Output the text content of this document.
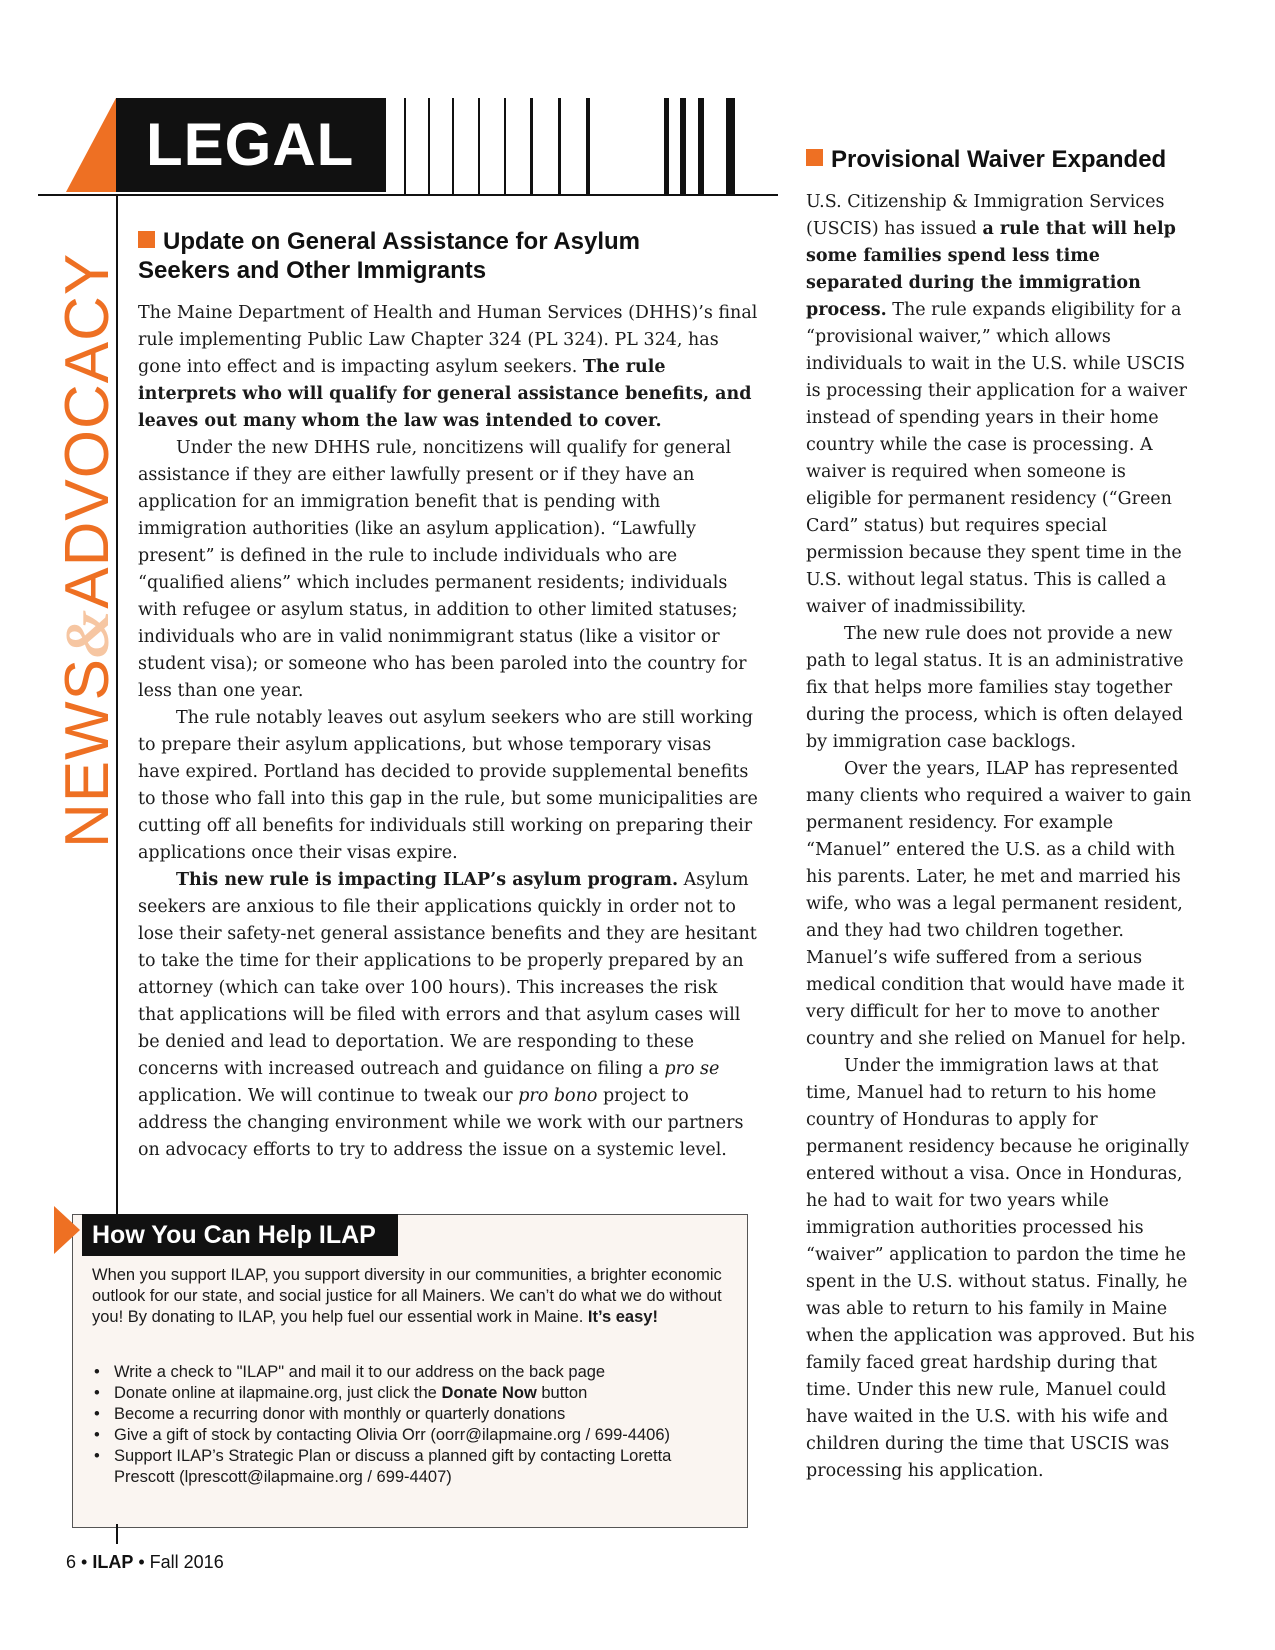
LEGAL
NEWS&ADVOCACY
Update on General Assistance for Asylum Seekers and Other Immigrants

The Maine Department of Health and Human Services (DHHS)’s final rule implementing Public Law Chapter 324 (PL 324). PL 324, has gone into effect and is impacting asylum seekers. The rule interprets who will qualify for general assistance benefits, and leaves out many whom the law was intended to cover.

Under the new DHHS rule, noncitizens will qualify for general assistance if they are either lawfully present or if they have an application for an immigration benefit that is pending with immigration authorities (like an asylum application). “Lawfully present” is defined in the rule to include individuals who are “qualified aliens” which includes permanent residents; individuals with refugee or asylum status, in addition to other limited statuses; individuals who are in valid nonimmigrant status (like a visitor or student visa); or someone who has been paroled into the country for less than one year.

The rule notably leaves out asylum seekers who are still working to prepare their asylum applications, but whose temporary visas have expired. Portland has decided to provide supplemental benefits to those who fall into this gap in the rule, but some municipalities are cutting off all benefits for individuals still working on preparing their applications once their visas expire.

This new rule is impacting ILAP’s asylum program. Asylum seekers are anxious to file their applications quickly in order not to lose their safety-net general assistance benefits and they are hesitant to take the time for their applications to be properly prepared by an attorney (which can take over 100 hours). This increases the risk that applications will be filed with errors and that asylum cases will be denied and lead to deportation. We are responding to these concerns with increased outreach and guidance on filing a pro se application. We will continue to tweak our pro bono project to address the changing environment while we work with our partners on advocacy efforts to try to address the issue on a systemic level.

Provisional Waiver Expanded

U.S. Citizenship & Immigration Services (USCIS) has issued a rule that will help some families spend less time separated during the immigration process. The rule expands eligibility for a “provisional waiver,” which allows individuals to wait in the U.S. while USCIS is processing their application for a waiver instead of spending years in their home country while the case is processing. A waiver is required when someone is eligible for permanent residency (“Green Card” status) but requires special permission because they spent time in the U.S. without legal status. This is called a waiver of inadmissibility.

The new rule does not provide a new path to legal status. It is an administrative fix that helps more families stay together during the process, which is often delayed by immigration case backlogs.

Over the years, ILAP has represented many clients who required a waiver to gain permanent residency. For example “Manuel” entered the U.S. as a child with his parents. Later, he met and married his wife, who was a legal permanent resident, and they had two children together. Manuel’s wife suffered from a serious medical condition that would have made it very difficult for her to move to another country and she relied on Manuel for help.

Under the immigration laws at that time, Manuel had to return to his home country of Honduras to apply for permanent residency because he originally entered without a visa. Once in Honduras, he had to wait for two years while immigration authorities processed his “waiver” application to pardon the time he spent in the U.S. without status. Finally, he was able to return to his family in Maine when the application was approved. But his family faced great hardship during that time. Under this new rule, Manuel could have waited in the U.S. with his wife and children during the time that USCIS was processing his application.

How You Can Help ILAP

When you support ILAP, you support diversity in our communities, a brighter economic outlook for our state, and social justice for all Mainers. We can’t do what we do without you! By donating to ILAP, you help fuel our essential work in Maine. It’s easy!

• Write a check to "ILAP" and mail it to our address on the back page
• Donate online at ilapmaine.org, just click the Donate Now button
• Become a recurring donor with monthly or quarterly donations
• Give a gift of stock by contacting Olivia Orr (oorr@ilapmaine.org / 699-4406)
• Support ILAP’s Strategic Plan or discuss a planned gift by contacting Loretta Prescott (lprescott@ilapmaine.org / 699-4407)
6 • ILAP • Fall 2016
